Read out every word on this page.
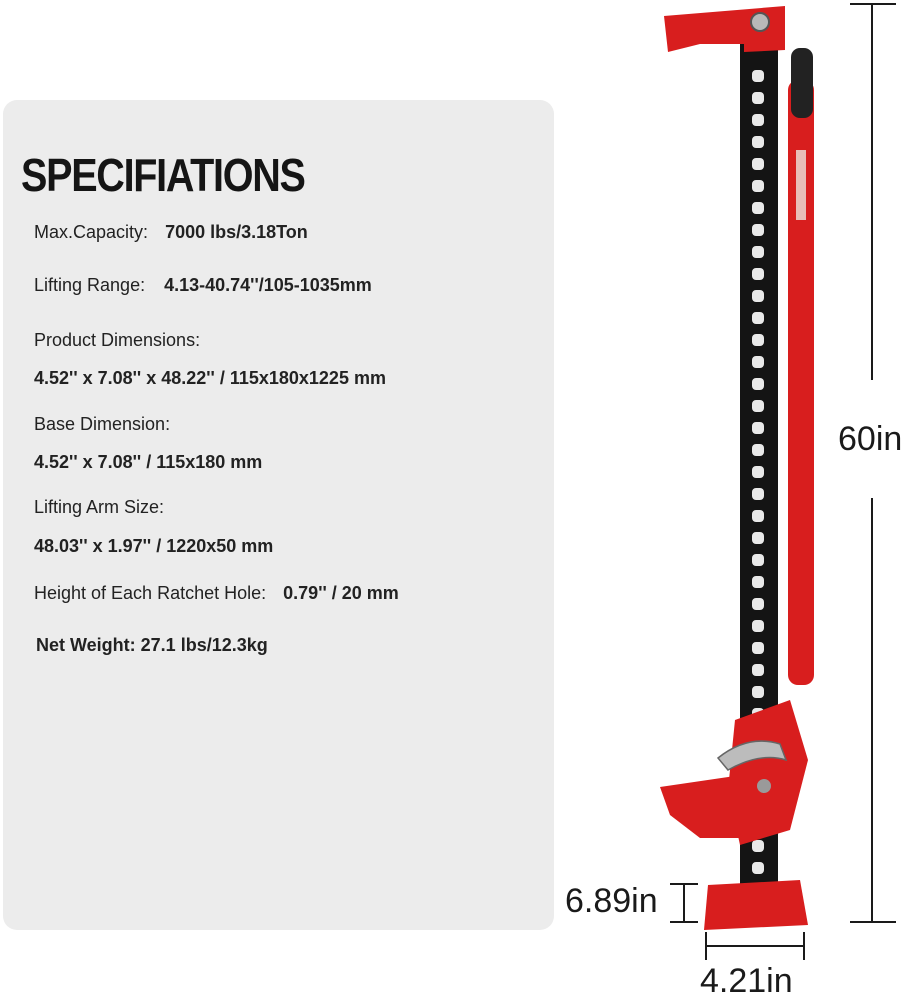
SPECIFIATIONS
Max.Capacity: 7000 lbs/3.18Ton
Lifting Range: 4.13-40.74''/105-1035mm
Product Dimensions:
4.52'' x 7.08'' x 48.22'' / 115x180x1225 mm
Base Dimension:
4.52'' x 7.08'' / 115x180 mm
Lifting Arm Size:
48.03'' x 1.97'' / 1220x50 mm
Height of Each Ratchet Hole: 0.79'' / 20 mm
Net Weight: 27.1 lbs/12.3kg
60in
6.89in
4.21in
